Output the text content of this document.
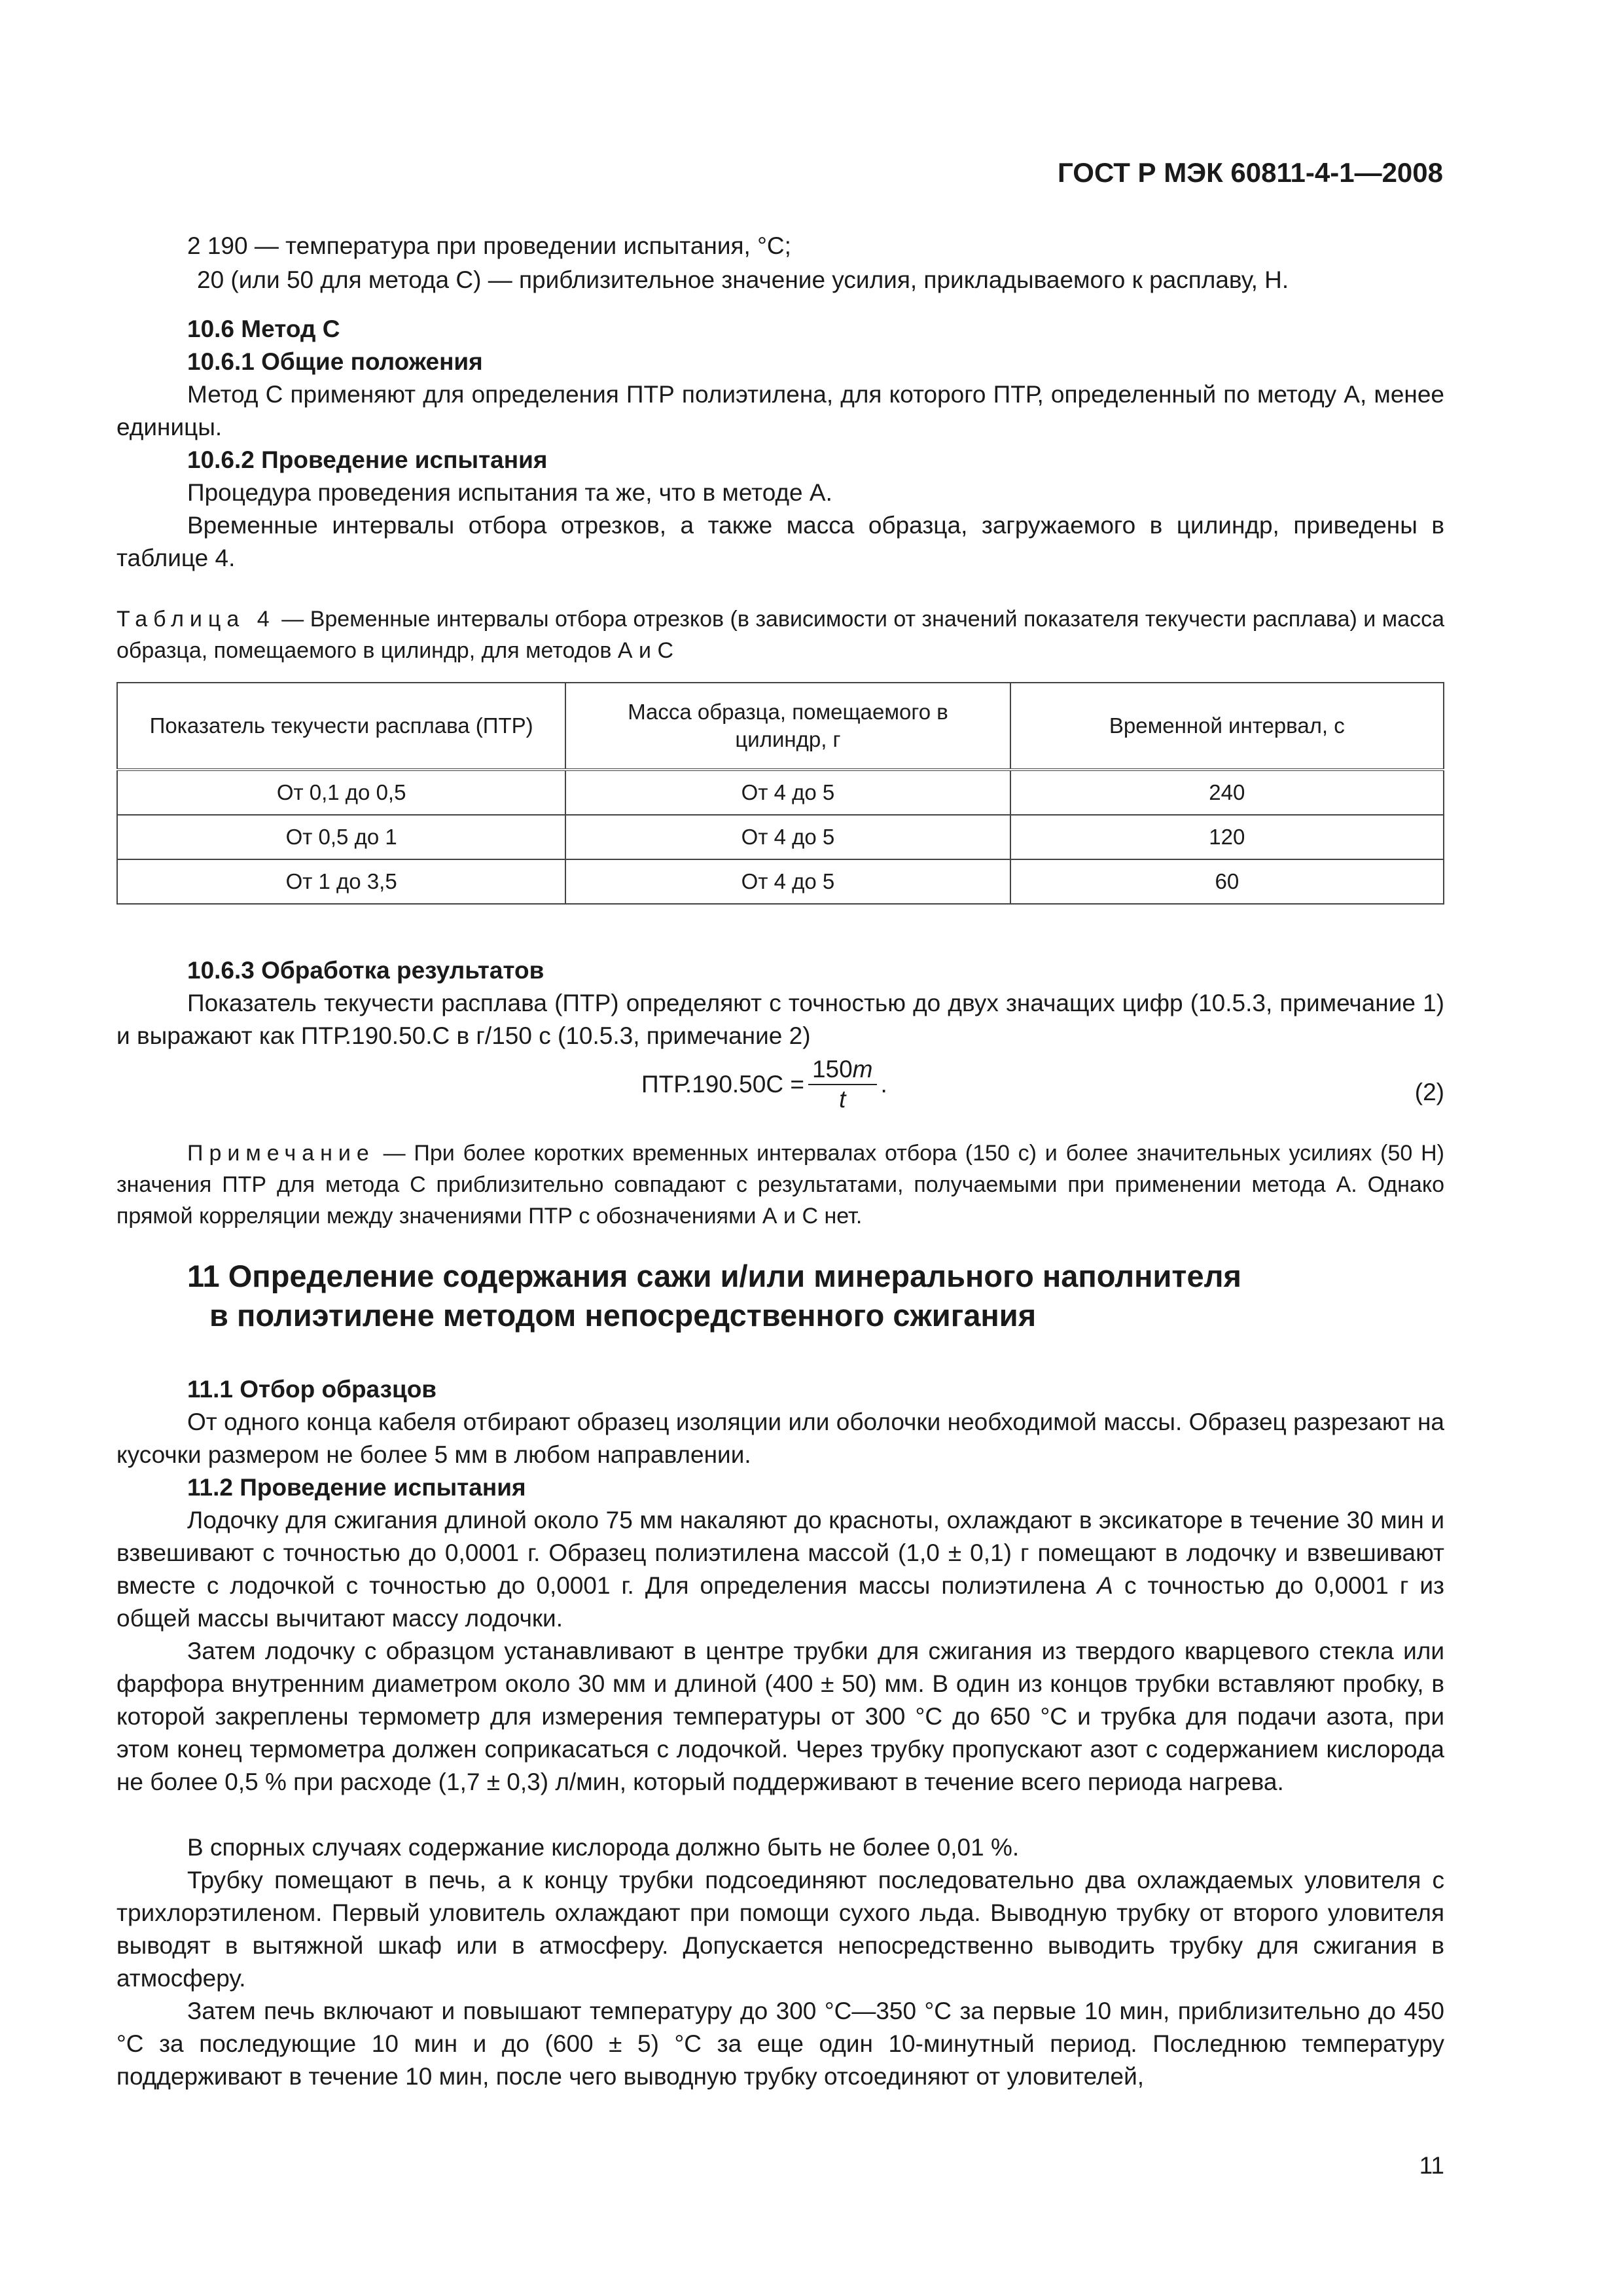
ГОСТ Р МЭК 60811-4-1—2008
2 190 — температура при проведении испытания, °C;
20 (или 50 для метода С) — приблизительное значение усилия, прикладываемого к расплаву, Н.
10.6 Метод С
10.6.1 Общие положения

Метод С применяют для определения ПТР полиэтилена, для которого ПТР, определенный по методу А, менее единицы.

10.6.2 Проведение испытания

Процедура проведения испытания та же, что в методе А.

Временные интервалы отбора отрезков, а также масса образца, загружаемого в цилиндр, приведены в таблице 4.

Таблица 4 — Временные интервалы отбора отрезков (в зависимости от значений показателя текучести расплава) и масса образца, помещаемого в цилиндр, для методов А и С

Показатель текучести расплава (ПТР)	Масса образца, помещаемого в цилиндр, г	Временной интервал, с
От 0,1 до 0,5	От 4 до 5	240
От 0,5 до 1	От 4 до 5	120
От 1 до 3,5	От 4 до 5	60
10.6.3 Обработка результатов

Показатель текучести расплава (ПТР) определяют с точностью до двух значащих цифр (10.5.3, примечание 1) и выражают как ПТР.190.50.С в г/150 с (10.5.3, примечание 2)

$ПТР.190.50С = \frac{150m}{t}$ .	(2)

Примечание — При более коротких временных интервалах отбора (150 с) и более значительных усилиях (50 Н) значения ПТР для метода С приблизительно совпадают с результатами, получаемыми при применении метода А. Однако прямой корреляции между значениями ПТР с обозначениями А и С нет.

11 Определение содержания сажи и/или минерального наполнителя
в полиэтилене методом непосредственного сжигания
11.1 Отбор образцов

От одного конца кабеля отбирают образец изоляции или оболочки необходимой массы. Образец разрезают на кусочки размером не более 5 мм в любом направлении.

11.2 Проведение испытания

Лодочку для сжигания длиной около 75 мм накаляют до красноты, охлаждают в эксикаторе в течение 30 мин и взвешивают с точностью до 0,0001 г. Образец полиэтилена массой (1,0 ± 0,1) г помещают в лодочку и взвешивают вместе с лодочкой с точностью до 0,0001 г. Для определения массы полиэтилена А с точностью до 0,0001 г из общей массы вычитают массу лодочки.

Затем лодочку с образцом устанавливают в центре трубки для сжигания из твердого кварцевого стекла или фарфора внутренним диаметром около 30 мм и длиной (400 ± 50) мм. В один из концов трубки вставляют пробку, в которой закреплены термометр для измерения температуры от 300 °С до 650 °С и трубка для подачи азота, при этом конец термометра должен соприкасаться с лодочкой. Через трубку пропускают азот с содержанием кислорода не более 0,5 % при расходе (1,7 ± 0,3) л/мин, который поддерживают в течение всего периода нагрева.

В спорных случаях содержание кислорода должно быть не более 0,01 %.

Трубку помещают в печь, а к концу трубки подсоединяют последовательно два охлаждаемых уловителя с трихлорэтиленом. Первый уловитель охлаждают при помощи сухого льда. Выводную трубку от второго уловителя выводят в вытяжной шкаф или в атмосферу. Допускается непосредственно выводить трубку для сжигания в атмосферу.

Затем печь включают и повышают температуру до 300 °С—350 °С за первые 10 мин, приблизительно до 450 °С за последующие 10 мин и до (600 ± 5) °С за еще один 10-минутный период. Последнюю температуру поддерживают в течение 10 мин, после чего выводную трубку отсоединяют от уловителей,

11
